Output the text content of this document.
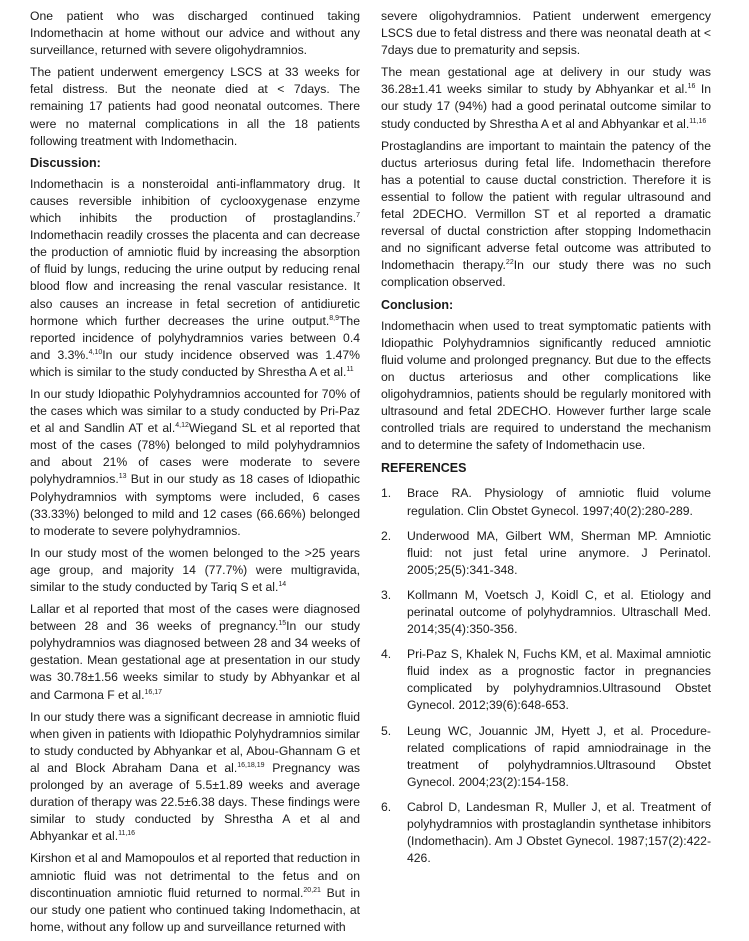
One patient who was discharged continued taking Indomethacin at home without our advice and without any surveillance, returned with severe oligohydramnios.

The patient underwent emergency LSCS at 33 weeks for fetal distress. But the neonate died at < 7days. The remaining 17 patients had good neonatal outcomes. There were no maternal complications in all the 18 patients following treatment with Indomethacin.

Discussion:

Indomethacin is a nonsteroidal anti-inflammatory drug. It causes reversible inhibition of cyclooxygenase enzyme which inhibits the production of prostaglandins.$^7$ Indomethacin readily crosses the placenta and can decrease the production of amniotic fluid by increasing the absorption of fluid by lungs, reducing the urine output by reducing renal blood flow and increasing the renal vascular resistance. It also causes an increase in fetal secretion of antidiuretic hormone which further decreases the urine output.$^{8,9}$The reported incidence of polyhydramnios varies between 0.4 and 3.3%.$^{4,10}$In our study incidence observed was 1.47% which is similar to the study conducted by Shrestha A et al.$^{11}$

In our study Idiopathic Polyhydramnios accounted for 70% of the cases which was similar to a study conducted by Pri-Paz et al and Sandlin AT et al.$^{4,12}$Wiegand SL et al reported that most of the cases (78%) belonged to mild polyhydramnios and about 21% of cases were moderate to severe polyhydramnios.$^{13}$ But in our study as 18 cases of Idiopathic Polyhydramnios with symptoms were included, 6 cases (33.33%) belonged to mild and 12 cases (66.66%) belonged to moderate to severe polyhydramnios.

In our study most of the women belonged to the >25 years age group, and majority 14 (77.7%) were multigravida, similar to the study conducted by Tariq S et al.$^{14}$

Lallar et al reported that most of the cases were diagnosed between 28 and 36 weeks of pregnancy.$^{15}$In our study polyhydramnios was diagnosed between 28 and 34 weeks of gestation. Mean gestational age at presentation in our study was 30.78±1.56 weeks similar to study by Abhyankar et al and Carmona F et al.$^{16,17}$

In our study there was a significant decrease in amniotic fluid when given in patients with Idiopathic Polyhydramnios similar to study conducted by Abhyankar et al, Abou-Ghannam G et al and Block Abraham Dana et al.$^{16,18,19}$ Pregnancy was prolonged by an average of 5.5±1.89 weeks and average duration of therapy was 22.5±6.38 days. These findings were similar to study conducted by Shrestha A et al and Abhyankar et al.$^{11,16}$

Kirshon et al and Mamopoulos et al reported that reduction in amniotic fluid was not detrimental to the fetus and on discontinuation amniotic fluid returned to normal.$^{20,21}$ But in our study one patient who continued taking Indomethacin, at home, without any follow up and surveillance returned with

severe oligohydramnios. Patient underwent emergency LSCS due to fetal distress and there was neonatal death at < 7days due to prematurity and sepsis.

The mean gestational age at delivery in our study was 36.28±1.41 weeks similar to study by Abhyankar et al.$^{16}$ In our study 17 (94%) had a good perinatal outcome similar to study conducted by Shrestha A et al and Abhyankar et al.$^{11,16}$

Prostaglandins are important to maintain the patency of the ductus arteriosus during fetal life. Indomethacin therefore has a potential to cause ductal constriction. Therefore it is essential to follow the patient with regular ultrasound and fetal 2DECHO. Vermillon ST et al reported a dramatic reversal of ductal constriction after stopping Indomethacin and no significant adverse fetal outcome was attributed to Indomethacin therapy.$^{22}$In our study there was no such complication observed.

Conclusion:

Indomethacin when used to treat symptomatic patients with Idiopathic Polyhydramnios significantly reduced amniotic fluid volume and prolonged pregnancy. But due to the effects on ductus arteriosus and other complications like oligohydramnios, patients should be regularly monitored with ultrasound and fetal 2DECHO. However further large scale controlled trials are required to understand the mechanism and to determine the safety of Indomethacin use.

REFERENCES
1.	Brace RA. Physiology of amniotic fluid volume regulation. Clin Obstet Gynecol. 1997;40(2):280-289.
2.	Underwood MA, Gilbert WM, Sherman MP. Amniotic fluid: not just fetal urine anymore. J Perinatol. 2005;25(5):341-348.
3.	Kollmann M, Voetsch J, Koidl C, et al. Etiology and perinatal outcome of polyhydramnios. Ultraschall Med. 2014;35(4):350-356.
4.	Pri-Paz S, Khalek N, Fuchs KM, et al. Maximal amniotic fluid index as a prognostic factor in pregnancies complicated by polyhydramnios.Ultrasound Obstet Gynecol. 2012;39(6):648-653.
5.	Leung WC, Jouannic JM, Hyett J, et al. Procedure-related complications of rapid amniodrainage in the treatment of polyhydramnios.Ultrasound Obstet Gynecol. 2004;23(2):154-158.
6.	Cabrol D, Landesman R, Muller J, et al. Treatment of polyhydramnios with prostaglandin synthetase inhibitors (Indomethacin). Am J Obstet Gynecol. 1987;157(2):422-426.
